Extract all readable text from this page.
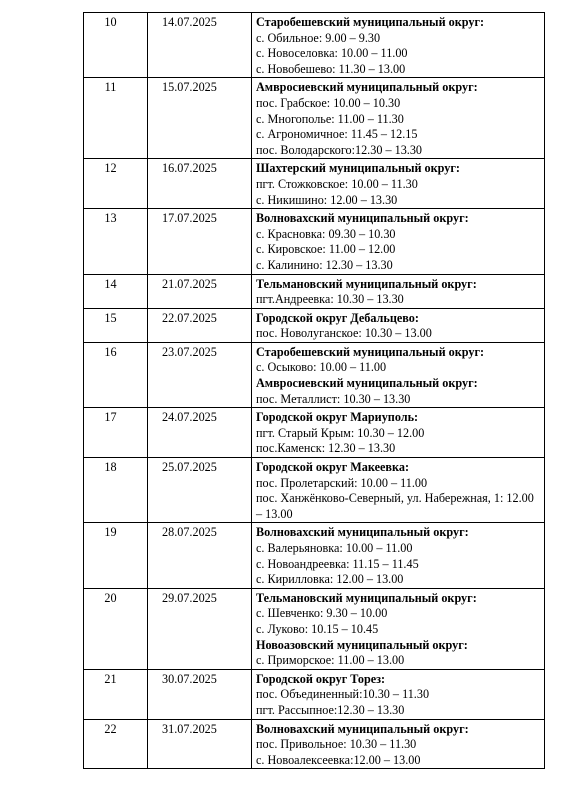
10	14.07.2025	Старобешевский муниципальный округ:
с. Обильное: 9.00 – 9.30
с. Новоселовка: 10.00 – 11.00
с. Новобешево: 11.30 – 13.00

11	15.07.2025	Амвросиевский муниципальный округ:
пос. Грабское: 10.00 – 10.30
с. Многополье: 11.00 – 11.30
с. Агрономичное: 11.45 – 12.15
пос. Володарского:12.30 – 13.30

12	16.07.2025	Шахтерский муниципальный округ:
пгт. Стожковское: 10.00 – 11.30
с. Никишино: 12.00 – 13.30

13	17.07.2025	Волновахский муниципальный округ:
с. Красновка: 09.30 – 10.30
с. Кировское: 11.00 – 12.00
с. Калинино: 12.30 – 13.30

14	21.07.2025	Тельмановский муниципальный округ:
пгт.Андреевка: 10.30 – 13.30

15	22.07.2025	Городской округ Дебальцево:
пос. Новолуганское: 10.30 – 13.00

16	23.07.2025	Старобешевский муниципальный округ:
с. Осыково: 10.00 – 11.00
Амвросиевский муниципальный округ:
пос. Металлист: 10.30 – 13.30

17	24.07.2025	Городской округ Мариуполь:
пгт. Старый Крым: 10.30 – 12.00
пос.Каменск: 12.30 – 13.30

18	25.07.2025	Городской округ Макеевка:
пос. Пролетарский: 10.00 – 11.00
пос. Ханжёнково-Северный, ул. Набережная, 1: 12.00 – 13.00

19	28.07.2025	Волновахский муниципальный округ:
с. Валерьяновка: 10.00 – 11.00
с. Новоандреевка: 11.15 – 11.45
с. Кирилловка: 12.00 – 13.00

20	29.07.2025	Тельмановский муниципальный округ:
с. Шевченко: 9.30 – 10.00
с. Луково: 10.15 – 10.45
Новоазовский муниципальный округ:
с. Приморское: 11.00 – 13.00

21	30.07.2025	Городской округ Торез:
пос. Объединенный:10.30 – 11.30
пгт. Рассыпное:12.30 – 13.30

22	31.07.2025	Волновахский муниципальный округ:
пос. Привольное: 10.30 – 11.30
с. Новоалексеевка:12.00 – 13.00
